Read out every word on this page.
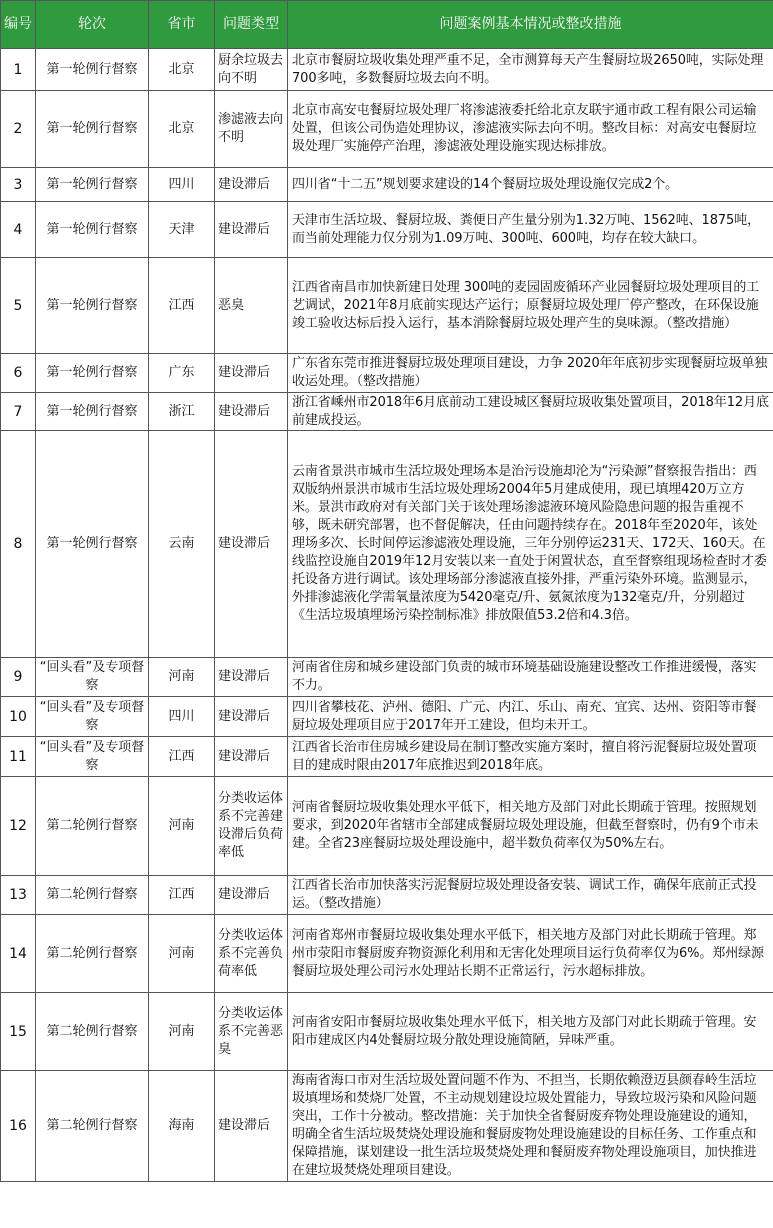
编号	轮次	省市	问题类型	问题案例基本情况或整改措施
1	第一轮例行督察	北京	厨余垃圾去向不明	北京市餐厨垃圾收集处理严重不足，全市测算每天产生餐厨垃圾2650吨，实际处理700多吨，多数餐厨垃圾去向不明。
2	第一轮例行督察	北京	渗滤液去向不明	北京市高安屯餐厨垃圾处理厂将渗滤液委托给北京友联宇通市政工程有限公司运输处置，但该公司伪造处理协议，渗滤液实际去向不明。整改目标：对高安屯餐厨垃圾处理厂实施停产治理，渗滤液处理设施实现达标排放。
3	第一轮例行督察	四川	建设滞后	四川省“十二五”规划要求建设的14个餐厨垃圾处理设施仅完成2个。
4	第一轮例行督察	天津	建设滞后	天津市生活垃圾、餐厨垃圾、粪便日产生量分别为1.32万吨、1562吨、1875吨，而当前处理能力仅分别为1.09万吨、300吨、600吨，均存在较大缺口。
5	第一轮例行督察	江西	恶臭	江西省南昌市加快新建日处理 300吨的麦园固废循环产业园餐厨垃圾处理项目的工艺调试，2021年8月底前实现达产运行；原餐厨垃圾处理厂停产整改，在环保设施竣工验收达标后投入运行，基本消除餐厨垃圾处理产生的臭味源。（整改措施）
6	第一轮例行督察	广东	建设滞后	广东省东莞市推进餐厨垃圾处理项目建设，力争 2020年年底初步实现餐厨垃圾单独收运处理。（整改措施）
7	第一轮例行督察	浙江	建设滞后	浙江省嵊州市2018年6月底前动工建设城区餐厨垃圾收集处置项目，2018年12月底前建成投运。
8	第一轮例行督察	云南	建设滞后	云南省景洪市城市生活垃圾处理场本是治污设施却沦为“污染源”督察报告指出：西双版纳州景洪市城市生活垃圾处理场2004年5月建成使用，现已填埋420万立方米。景洪市政府对有关部门关于该处理场渗滤液环境风险隐患问题的报告重视不够，既未研究部署，也不督促解决，任由问题持续存在。2018年至2020年，该处理场多次、长时间停运渗滤液处理设施，三年分别停运231天、172天、160天。在线监控设施自2019年12月安装以来一直处于闲置状态，直至督察组现场检查时才委托设备方进行调试。该处理场部分渗滤液直接外排，严重污染外环境。监测显示，外排渗滤液化学需氧量浓度为5420毫克/升、氨氮浓度为132毫克/升，分别超过《生活垃圾填埋场污染控制标准》排放限值53.2倍和4.3倍。
9	“回头看”及专项督察	河南	建设滞后	河南省住房和城乡建设部门负责的城市环境基础设施建设整改工作推进缓慢，落实不力。
10	“回头看”及专项督察	四川	建设滞后	四川省攀枝花、泸州、德阳、广元、内江、乐山、南充、宜宾、达州、资阳等市餐厨垃圾处理项目应于2017年开工建设，但均未开工。
11	“回头看”及专项督察	江西	建设滞后	江西省长治市住房城乡建设局在制订整改实施方案时，擅自将污泥餐厨垃圾处置项目的建成时限由2017年底推迟到2018年底。
12	第二轮例行督察	河南	分类收运体系不完善建设滞后负荷率低	河南省餐厨垃圾收集处理水平低下，相关地方及部门对此长期疏于管理。按照规划要求，到2020年省辖市全部建成餐厨垃圾处理设施，但截至督察时，仍有9个市未建。全省23座餐厨垃圾处理设施中，超半数负荷率仅为50%左右。
13	第二轮例行督察	江西	建设滞后	江西省长治市加快落实污泥餐厨垃圾处理设备安装、调试工作，确保年底前正式投运。（整改措施）
14	第二轮例行督察	河南	分类收运体系不完善负荷率低	河南省郑州市餐厨垃圾收集处理水平低下，相关地方及部门对此长期疏于管理。郑州市荥阳市餐厨废弃物资源化利用和无害化处理项目运行负荷率仅为6%。郑州绿源餐厨垃圾处理公司污水处理站长期不正常运行，污水超标排放。
15	第二轮例行督察	河南	分类收运体系不完善恶臭	河南省安阳市餐厨垃圾收集处理水平低下，相关地方及部门对此长期疏于管理。安阳市建成区内4处餐厨垃圾分散处理设施简陋，异味严重。
16	第二轮例行督察	海南	建设滞后	海南省海口市对生活垃圾处置问题不作为、不担当，长期依赖澄迈县颜春岭生活垃圾填埋场和焚烧厂处置，不主动规划建设垃圾处置能力，导致垃圾污染和风险问题突出，工作十分被动。整改措施：关于加快全省餐厨废弃物处理设施建设的通知，明确全省生活垃圾焚烧处理设施和餐厨废物处理设施建设的目标任务、工作重点和保障措施，谋划建设一批生活垃圾焚烧处理和餐厨废弃物处理设施项目，加快推进在建垃圾焚烧处理项目建设。
